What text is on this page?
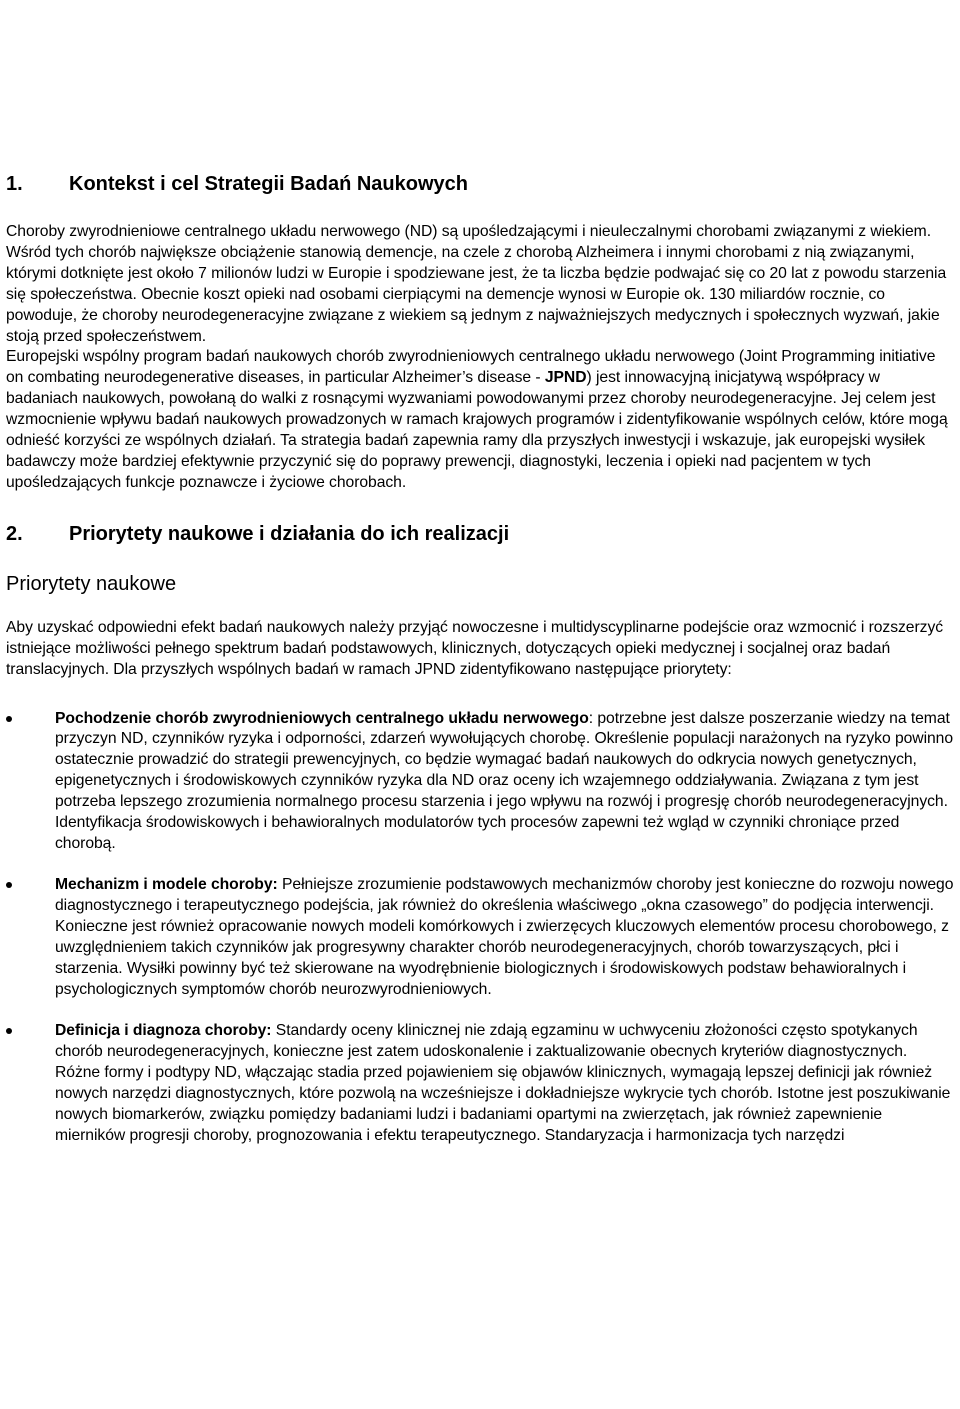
1.	Kontekst i cel Strategii Badań Naukowych

Choroby zwyrodnieniowe centralnego układu nerwowego (ND) są upośledzającymi i nieuleczalnymi chorobami związanymi z wiekiem. Wśród tych chorób największe obciążenie stanowią demencje, na czele z chorobą Alzheimera i innymi chorobami z nią związanymi, którymi dotknięte jest około 7 milionów ludzi w Europie i spodziewane jest, że ta liczba będzie podwajać się co 20 lat z powodu starzenia się społeczeństwa. Obecnie koszt opieki nad osobami cierpiącymi na demencje wynosi w Europie ok. 130 miliardów rocznie, co powoduje, że choroby neurodegeneracyjne związane z wiekiem są jednym z najważniejszych medycznych i społecznych wyzwań, jakie stoją przed społeczeństwem.

Europejski wspólny program badań naukowych chorób zwyrodnieniowych centralnego układu nerwowego (Joint Programming initiative on combating neurodegenerative diseases, in particular Alzheimer’s disease - JPND) jest innowacyjną inicjatywą współpracy w badaniach naukowych, powołaną do walki z rosnącymi wyzwaniami powodowanymi przez choroby neurodegeneracyjne. Jej celem jest wzmocnienie wpływu badań naukowych prowadzonych w ramach krajowych programów i zidentyfikowanie wspólnych celów, które mogą odnieść korzyści ze wspólnych działań. Ta strategia badań zapewnia ramy dla przyszłych inwestycji i wskazuje, jak europejski wysiłek badawczy może bardziej efektywnie przyczynić się do poprawy prewencji, diagnostyki, leczenia i opieki nad pacjentem w tych upośledzających funkcje poznawcze i życiowe chorobach.

2.	Priorytety naukowe i działania do ich realizacji
Priorytety naukowe

Aby uzyskać odpowiedni efekt badań naukowych należy przyjąć nowoczesne i multidyscyplinarne podejście oraz wzmocnić i rozszerzyć istniejące możliwości pełnego spektrum badań podstawowych, klinicznych, dotyczących opieki medycznej i socjalnej oraz badań translacyjnych. Dla przyszłych wspólnych badań w ramach JPND zidentyfikowano następujące priorytety:

Pochodzenie chorób zwyrodnieniowych centralnego układu nerwowego: potrzebne jest dalsze poszerzanie wiedzy na temat przyczyn ND, czynników ryzyka i odporności, zdarzeń wywołujących chorobę. Określenie populacji narażonych na ryzyko powinno ostatecznie prowadzić do strategii prewencyjnych, co będzie wymagać badań naukowych do odkrycia nowych genetycznych, epigenetycznych i środowiskowych czynników ryzyka dla ND oraz oceny ich wzajemnego oddziaływania. Związana z tym jest potrzeba lepszego zrozumienia normalnego procesu starzenia i jego wpływu na rozwój i progresję chorób neurodegeneracyjnych. Identyfikacja środowiskowych i behawioralnych modulatorów tych procesów zapewni też wgląd w czynniki chroniące przed chorobą.
Mechanizm i modele choroby: Pełniejsze zrozumienie podstawowych mechanizmów choroby jest konieczne do rozwoju nowego diagnostycznego i terapeutycznego podejścia, jak również do określenia właściwego „okna czasowego” do podjęcia interwencji. Konieczne jest również opracowanie nowych modeli komórkowych i zwierzęcych kluczowych elementów procesu chorobowego, z uwzględnieniem takich czynników jak progresywny charakter chorób neurodegeneracyjnych, chorób towarzyszących, płci i starzenia. Wysiłki powinny być też skierowane na wyodrębnienie biologicznych i środowiskowych podstaw behawioralnych i psychologicznych symptomów chorób neurozwyrodnieniowych.
Definicja i diagnoza choroby: Standardy oceny klinicznej nie zdają egzaminu w uchwyceniu złożoności często spotykanych chorób neurodegeneracyjnych, konieczne jest zatem udoskonalenie i zaktualizowanie obecnych kryteriów diagnostycznych. Różne formy i podtypy ND, włączając stadia przed pojawieniem się objawów klinicznych, wymagają lepszej definicji jak również nowych narzędzi diagnostycznych, które pozwolą na wcześniejsze i dokładniejsze wykrycie tych chorób. Istotne jest poszukiwanie nowych biomarkerów, związku pomiędzy badaniami ludzi i badaniami opartymi na zwierzętach, jak również zapewnienie mierników progresji choroby, prognozowania i efektu terapeutycznego. Standaryzacja i harmonizacja tych narzędzi
